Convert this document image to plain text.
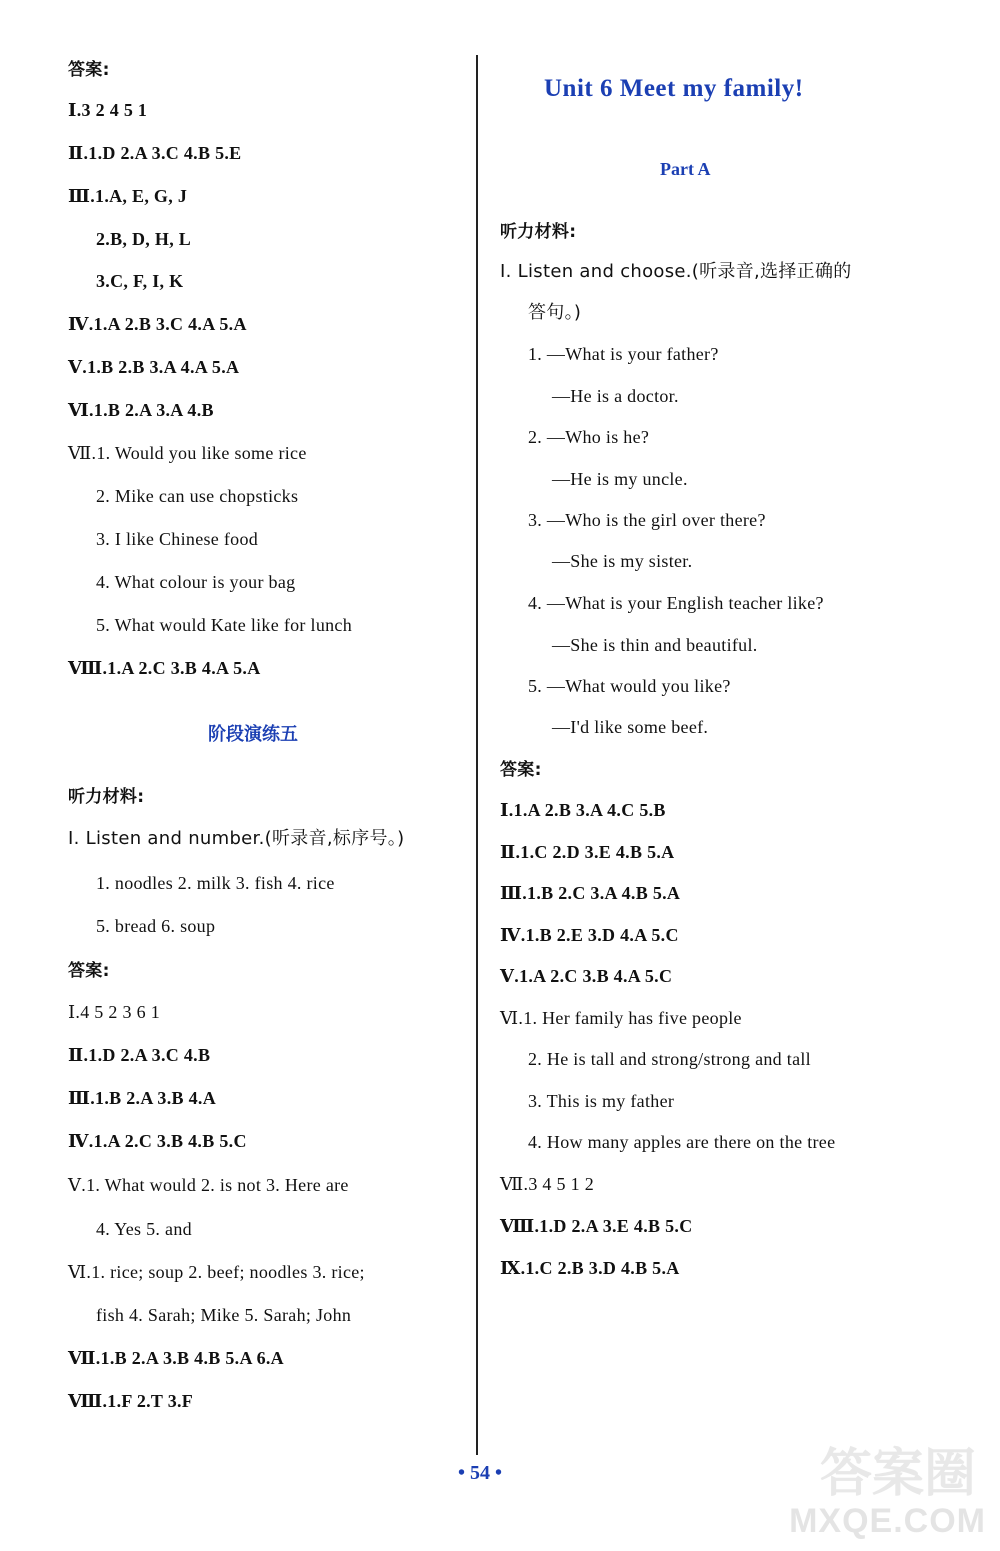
答案:
Ⅰ.3 2 4 5 1
Ⅱ.1.D 2.A 3.C 4.B 5.E
Ⅲ.1.A, E, G, J
2.B, D, H, L
3.C, F, I, K
Ⅳ.1.A 2.B 3.C 4.A 5.A
Ⅴ.1.B 2.B 3.A 4.A 5.A
Ⅵ.1.B 2.A 3.A 4.B
Ⅶ.1. Would you like some rice
2. Mike can use chopsticks
3. I like Chinese food
4. What colour is your bag
5. What would Kate like for lunch
Ⅷ.1.A 2.C 3.B 4.A 5.A
阶段演练五
听力材料:
Ⅰ. Listen and number.(听录音,标序号。)
1. noodles 2. milk 3. fish 4. rice
5. bread 6. soup
答案:
Ⅰ.4 5 2 3 6 1
Ⅱ.1.D 2.A 3.C 4.B
Ⅲ.1.B 2.A 3.B 4.A
Ⅳ.1.A 2.C 3.B 4.B 5.C
Ⅴ.1. What would 2. is not 3. Here are
4. Yes 5. and
Ⅵ.1. rice; soup 2. beef; noodles 3. rice;
fish 4. Sarah; Mike 5. Sarah; John
Ⅶ.1.B 2.A 3.B 4.B 5.A 6.A
Ⅷ.1.F 2.T 3.F
Unit 6 Meet my family!
Part A
听力材料:
Ⅰ. Listen and choose.(听录音,选择正确的
答句。)
1. —What is your father?
—He is a doctor.
2. —Who is he?
—He is my uncle.
3. —Who is the girl over there?
—She is my sister.
4. —What is your English teacher like?
—She is thin and beautiful.
5. —What would you like?
—I'd like some beef.
答案:
Ⅰ.1.A 2.B 3.A 4.C 5.B
Ⅱ.1.C 2.D 3.E 4.B 5.A
Ⅲ.1.B 2.C 3.A 4.B 5.A
Ⅳ.1.B 2.E 3.D 4.A 5.C
Ⅴ.1.A 2.C 3.B 4.A 5.C
Ⅵ.1. Her family has five people
2. He is tall and strong/strong and tall
3. This is my father
4. How many apples are there on the tree
Ⅶ.3 4 5 1 2
Ⅷ.1.D 2.A 3.E 4.B 5.C
Ⅸ.1.C 2.B 3.D 4.B 5.A
• 54 •	答案圈
MXQE.COM
